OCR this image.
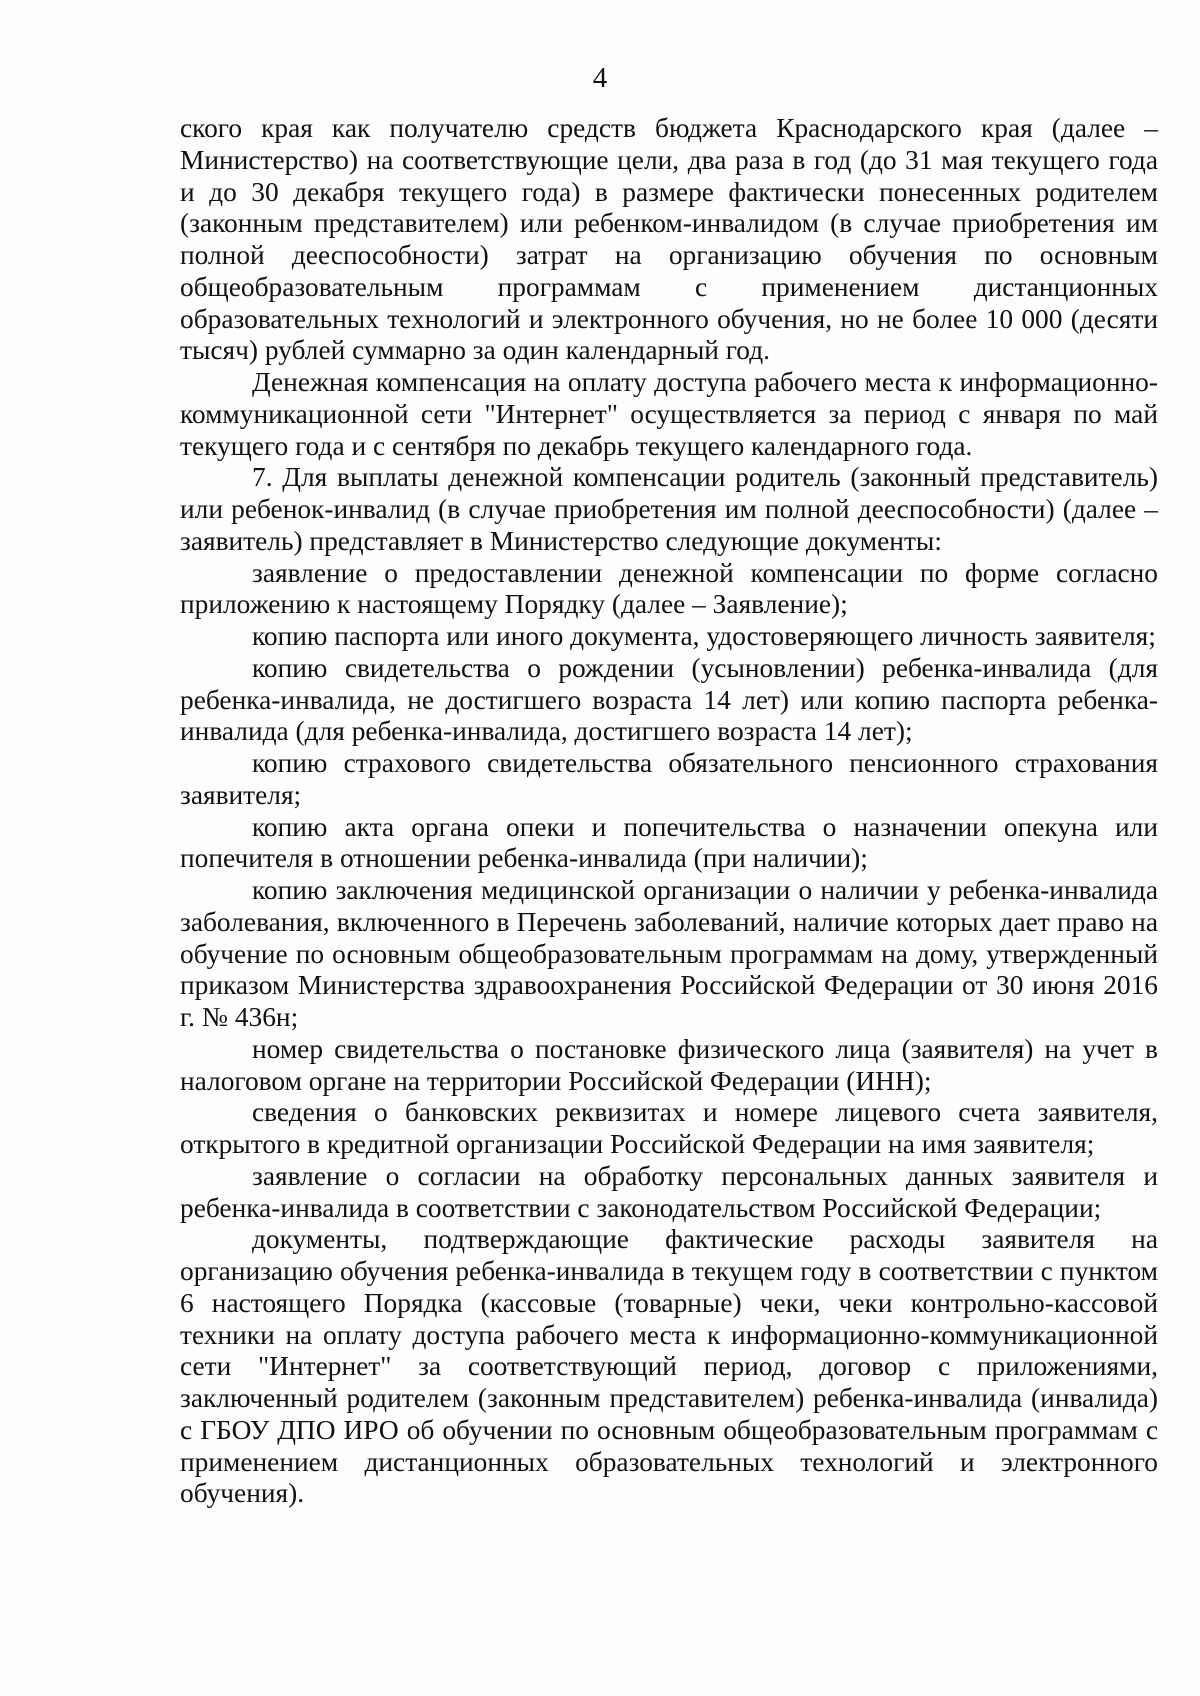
4

ского края как получателю средств бюджета Краснодарского края (далее – Министерство) на соответствующие цели, два раза в год (до 31 мая текущего года и до 30 декабря текущего года) в размере фактически понесенных родителем (законным представителем) или ребенком-инвалидом (в случае приобретения им полной дееспособности) затрат на организацию обучения по основным общеобразовательным программам с применением дистанционных образовательных технологий и электронного обучения, но не более 10 000 (десяти тысяч) рублей суммарно за один календарный год.

Денежная компенсация на оплату доступа рабочего места к информационно-коммуникационной сети "Интернет" осуществляется за период с января по май текущего года и с сентября по декабрь текущего календарного года.

7. Для выплаты денежной компенсации родитель (законный представитель) или ребенок-инвалид (в случае приобретения им полной дееспособности) (далее – заявитель) представляет в Министерство следующие документы:

заявление о предоставлении денежной компенсации по форме согласно приложению к настоящему Порядку (далее – Заявление);

копию паспорта или иного документа, удостоверяющего личность заявителя;

копию свидетельства о рождении (усыновлении) ребенка-инвалида (для ребенка-инвалида, не достигшего возраста 14 лет) или копию паспорта ребенка-инвалида (для ребенка-инвалида, достигшего возраста 14 лет);

копию страхового свидетельства обязательного пенсионного страхования заявителя;

копию акта органа опеки и попечительства о назначении опекуна или попечителя в отношении ребенка-инвалида (при наличии);

копию заключения медицинской организации о наличии у ребенка-инвалида заболевания, включенного в Перечень заболеваний, наличие которых дает право на обучение по основным общеобразовательным программам на дому, утвержденный приказом Министерства здравоохранения Российской Федерации от 30 июня 2016 г. № 436н;

номер свидетельства о постановке физического лица (заявителя) на учет в налоговом органе на территории Российской Федерации (ИНН);

сведения о банковских реквизитах и номере лицевого счета заявителя, открытого в кредитной организации Российской Федерации на имя заявителя;

заявление о согласии на обработку персональных данных заявителя и ребенка-инвалида в соответствии с законодательством Российской Федерации;

документы, подтверждающие фактические расходы заявителя на организацию обучения ребенка-инвалида в текущем году в соответствии с пунктом 6 настоящего Порядка (кассовые (товарные) чеки, чеки контрольно-кассовой техники на оплату доступа рабочего места к информационно-коммуникационной сети "Интернет" за соответствующий период, договор с приложениями, заключенный родителем (законным представителем) ребенка-инвалида (инвалида) с ГБОУ ДПО ИРО об обучении по основным общеобразовательным программам с применением дистанционных образовательных технологий и электронного обучения).
